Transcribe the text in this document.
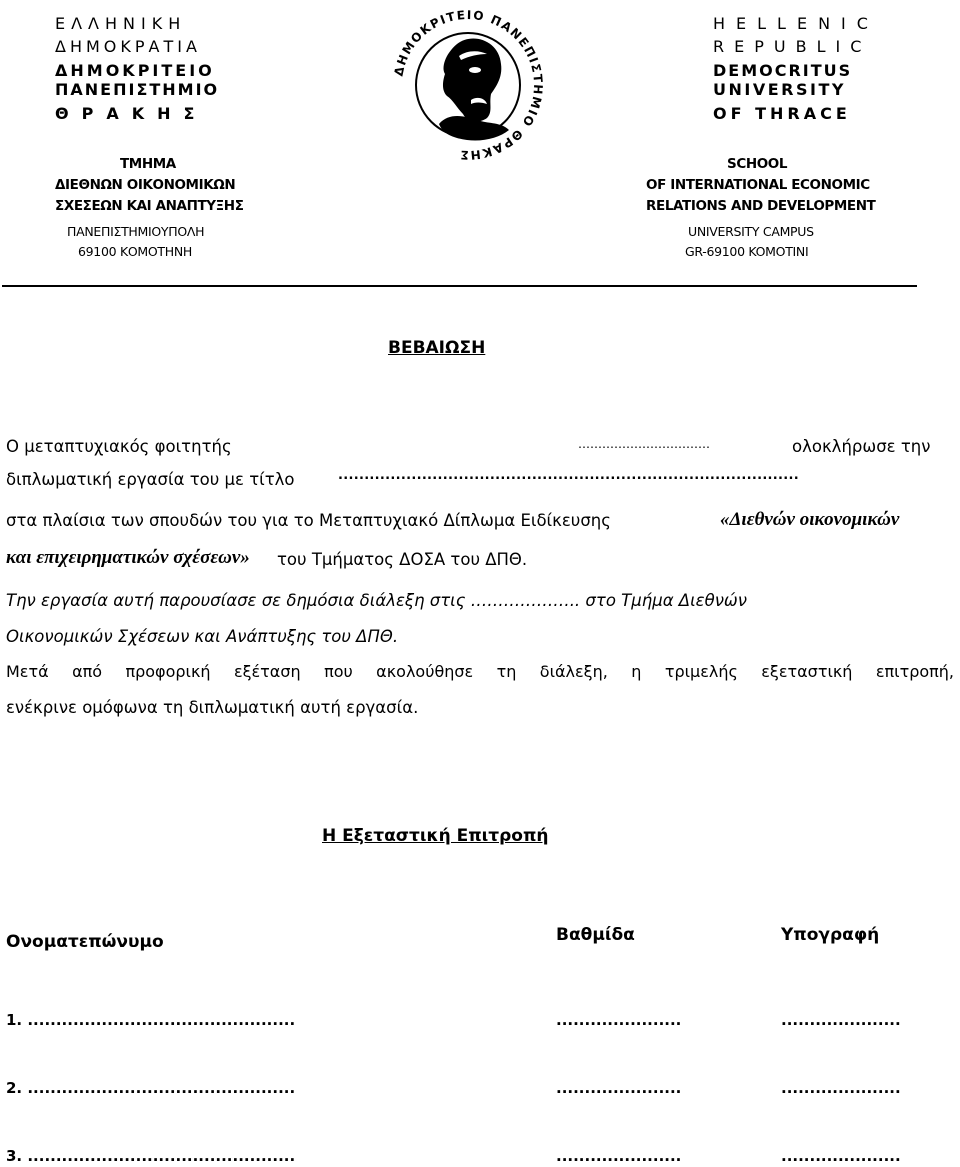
ΕΛΛΗΝΙΚΗ
ΔΗΜΟΚΡΑΤΙΑ
ΔΗΜΟΚΡΙΤΕΙΟ
ΠΑΝΕΠΙΣΤΗΜΙΟ
ΘΡΑΚΗΣ
ΤΜΗΜΑ
ΔΙΕΘΝΩΝ ΟΙΚΟΝΟΜΙΚΩΝ
ΣΧΕΣΕΩΝ ΚΑΙ ΑΝΑΠΤΥΞΗΣ
ΠΑΝΕΠΙΣΤΗΜΙΟΥΠΟΛΗ
69100 ΚΟΜΟΤΗΝΗ
ΔΗΜΟΚΡΙΤΕΙΟ ΠΑΝΕΠΙΣΤΗΜΙΟ ΘΡΑΚΗΣ
HELLENIC
REPUBLIC
DEMOCRITUS
UNIVERSITY
OF THRACE
SCHOOL
OF INTERNATIONAL ECONOMIC
RELATIONS AND DEVELOPMENT
UNIVERSITY CAMPUS
GR-69100 KOMOTINI
ΒΕΒΑΙΩΣΗ
Ο μεταπτυχιακός φοιτητής	……………………………	ολοκλήρωσε την
διπλωματική εργασία του με τίτλο	........................................................................................
στα πλαίσια των σπουδών του για το Μεταπτυχιακό Δίπλωμα Ειδίκευσης	«Διεθνών οικονομικών
και επιχειρηματικών σχέσεων» του Τμήματος ΔΟΣΑ του ΔΠΘ.
Την εργασία αυτή παρουσίασε σε δημόσια διάλεξη στις ……………….. στο Τμήμα Διεθνών
Οικονομικών Σχέσεων και Ανάπτυξης του ΔΠΘ.
Μετά από προφορική εξέταση που ακολούθησε τη διάλεξη, η τριμελής εξεταστική επιτροπή,
ενέκρινε ομόφωνα τη διπλωματική αυτή εργασία.
Η Εξεταστική Επιτροπή
Ονοματεπώνυμο	Βαθμίδα	Υπογραφή
1. ...............................................	......................	.....................
2. ...............................................	......................	.....................
3. ...............................................	......................	.....................
